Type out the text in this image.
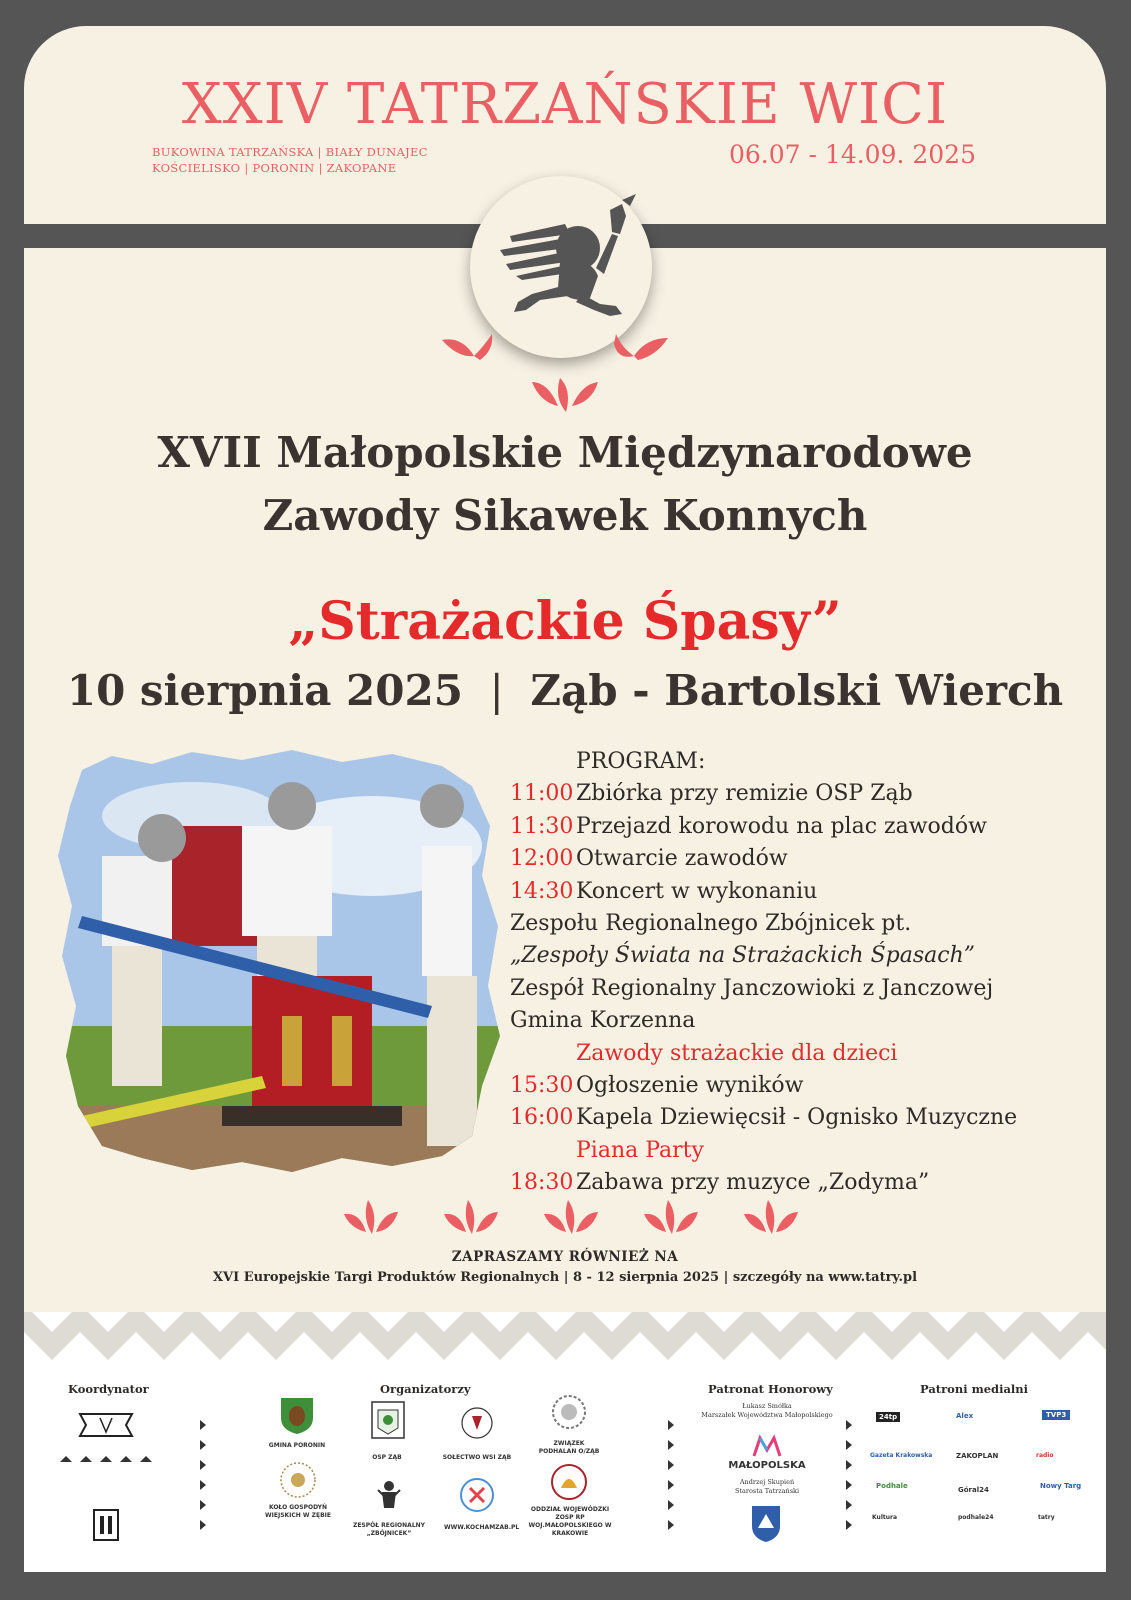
XXIV TATRZAŃSKIE WICI
BUKOWINA TATRZAŃSKA | BIAŁY DUNAJEC
KOŚCIELISKO | PORONIN | ZAKOPANE	06.07 - 14.09. 2025
XVII Małopolskie Międzynarodowe
Zawody Sikawek Konnych
„Strażackie Śpasy”
10 sierpnia 2025 | Ząb - Bartolski Wierch
PROGRAM:
11:00 Zbiórka przy remizie OSP Ząb
11:30 Przejazd korowodu na plac zawodów
12:00 Otwarcie zawodów
14:30 Koncert w wykonaniu
Zespołu Regionalnego Zbójnicek pt.
„Zespoły Świata na Strażackich Śpasach”
Zespół Regionalny Janczowioki z Janczowej
Gmina Korzenna
Zawody strażackie dla dzieci
15:30 Ogłoszenie wyników
16:00 Kapela Dziewięcsił - Ognisko Muzyczne
Piana Party
18:30 Zabawa przy muzyce „Zodyma”
ZAPRASZAMY RÓWNIEŻ NA
XVI Europejskie Targi Produktów Regionalnych | 8 - 12 sierpnia 2025 | szczegóły na www.tatry.pl
Koordynator	Organizatorzy	Patronat Honorowy	Patroni medialni
GMINA PORONIN
OSP ZĄB	SOŁECTWO WSI ZĄB
ZWIĄZEK PODHALAN O/ZĄB
KOŁO GOSPODYŃ WIEJSKICH W ZĘBIE
ZESPÓŁ REGIONALNY „ZBÓJNICEK”
WWW.KOCHAMZAB.PL
ODDZIAŁ WOJEWÓDZKI ZOSP RP WOJ.MAŁOPOLSKIEGO W KRAKOWIE
Łukasz Smółka
Marszałek Województwa Małopolskiego
MAŁOPOLSKA
Andrzej Skupień
Starosta Tatrzański
24tp	Alex	TVP3
Gazeta Krakowska	ZAKOPLAN	radio
Podhale	Góral24	Nowy Targ
Kultura	podhale24	tatry
